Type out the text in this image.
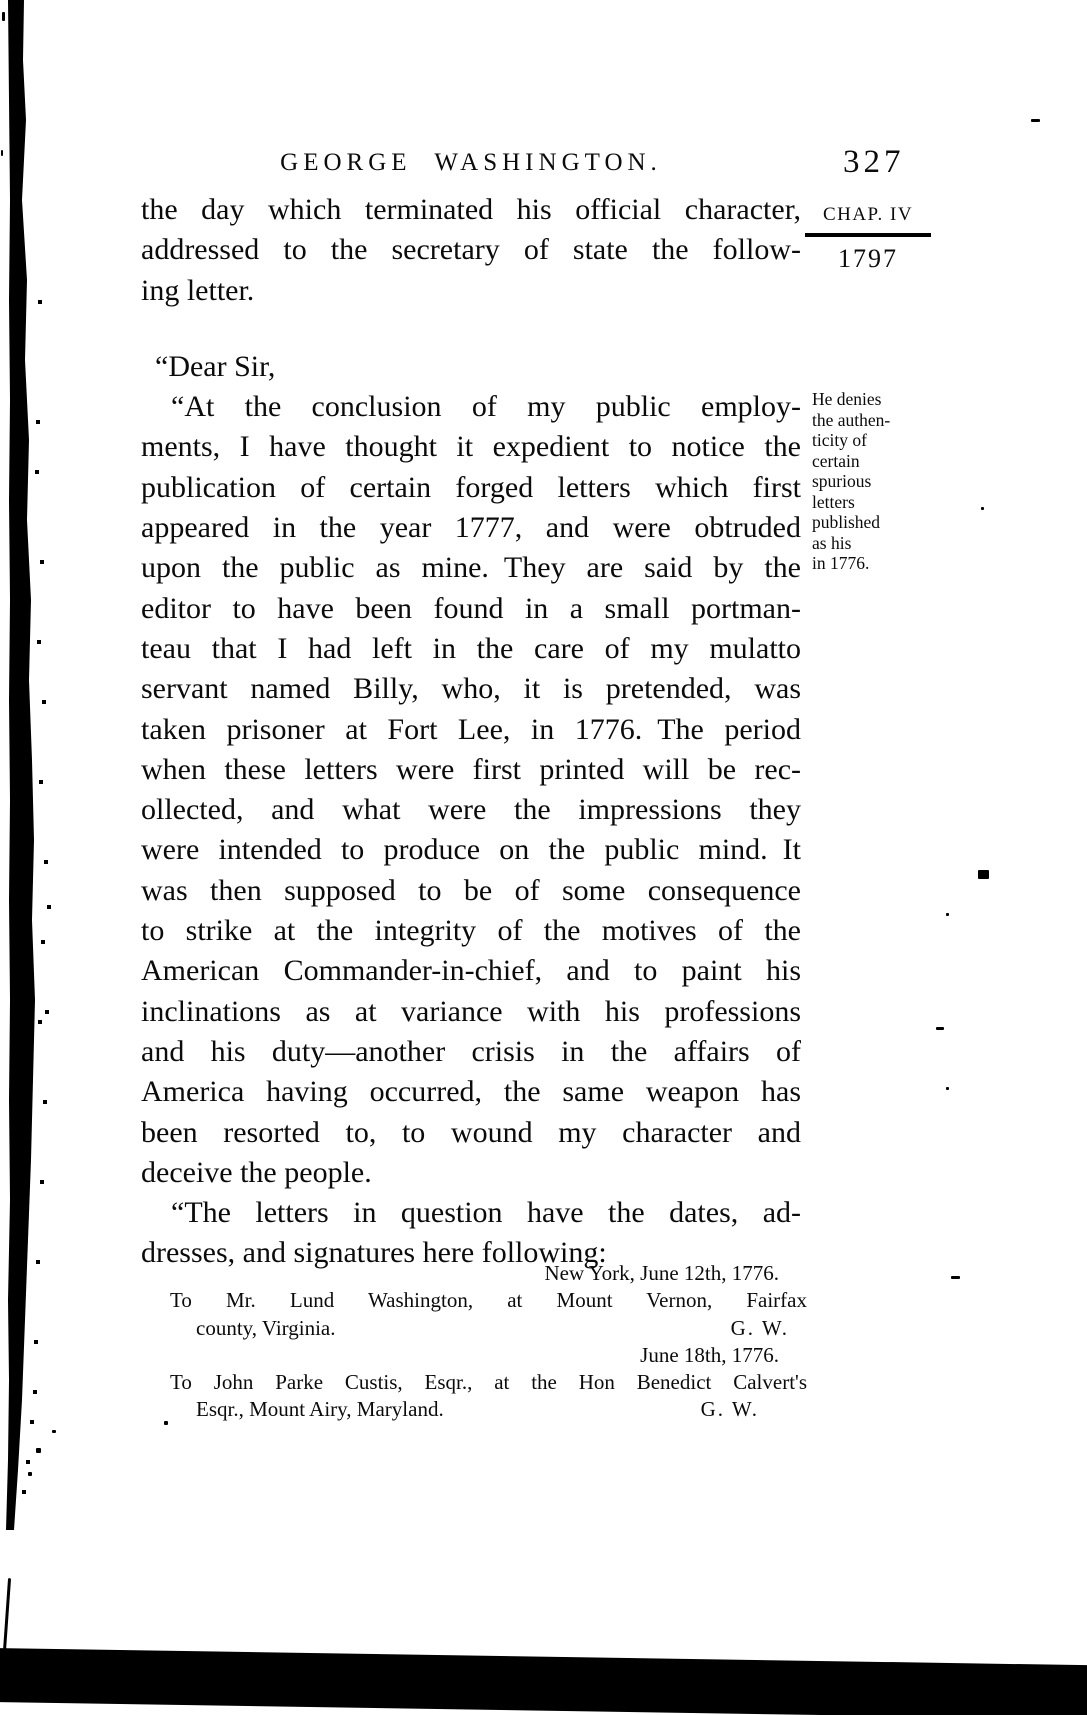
GEORGE WASHINGTON.	327
CHAP. IV
1797
He denies
the authen-
ticity of
certain
spurious
letters
published
as his
in 1776.
the day which terminated his official character,
addressed to the secretary of state the follow-
ing letter.
“Dear Sir,
“At the conclusion of my public employ-
ments, I have thought it expedient to notice the
publication of certain forged letters which first
appeared in the year 1777, and were obtruded
upon the public as mine. They are said by the
editor to have been found in a small portman-
teau that I had left in the care of my mulatto
servant named Billy, who, it is pretended, was
taken prisoner at Fort Lee, in 1776. The period
when these letters were first printed will be rec-
ollected, and what were the impressions they
were intended to produce on the public mind. It
was then supposed to be of some consequence
to strike at the integrity of the motives of the
American Commander-in-chief, and to paint his
inclinations as at variance with his professions
and his duty—another crisis in the affairs of
America having occurred, the same weapon has
been resorted to, to wound my character and
deceive the people.
“The letters in question have the dates, ad-
dresses, and signatures here following:
New York, June 12th, 1776.
To Mr. Lund Washington, at Mount Vernon, Fairfax
county, Virginia.	G. W.
June 18th, 1776.
To John Parke Custis, Esqr., at the Hon Benedict Calvert's
Esqr., Mount Airy, Maryland.	G. W.
